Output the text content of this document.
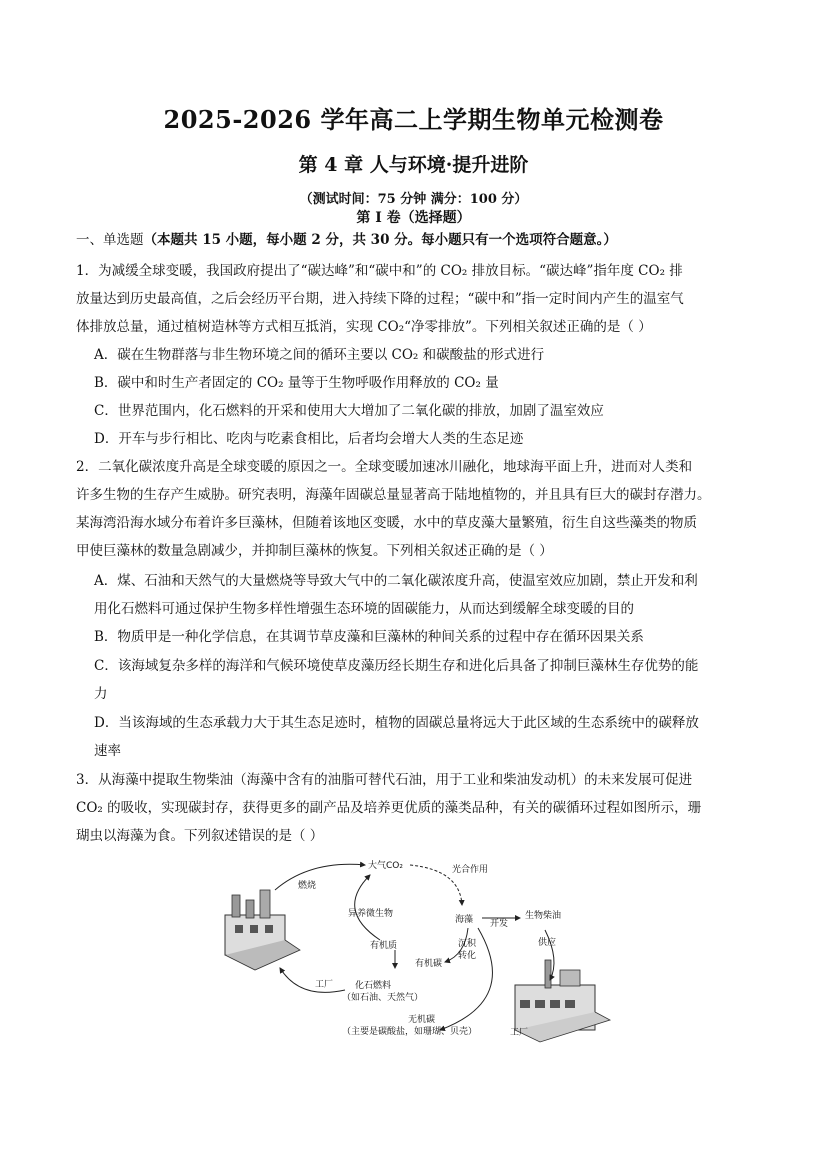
2025-2026 学年高二上学期生物单元检测卷
第 4 章 人与环境·提升进阶
（测试时间：75 分钟 满分：100 分）
第 I 卷（选择题）
一、单选题（本题共 15 小题，每小题 2 分，共 30 分。每小题只有一个选项符合题意。）
1．为减缓全球变暖，我国政府提出了“碳达峰”和“碳中和”的 CO₂ 排放目标。“碳达峰”指年度 CO₂ 排
放量达到历史最高值，之后会经历平台期，进入持续下降的过程；“碳中和”指一定时间内产生的温室气
体排放总量，通过植树造林等方式相互抵消，实现 CO₂“净零排放”。下列相关叙述正确的是（ ）
A．碳在生物群落与非生物环境之间的循环主要以 CO₂ 和碳酸盐的形式进行
B．碳中和时生产者固定的 CO₂ 量等于生物呼吸作用释放的 CO₂ 量
C．世界范围内，化石燃料的开采和使用大大增加了二氧化碳的排放，加剧了温室效应
D．开车与步行相比、吃肉与吃素食相比，后者均会增大人类的生态足迹
2．二氧化碳浓度升高是全球变暖的原因之一。全球变暖加速冰川融化，地球海平面上升，进而对人类和
许多生物的生存产生威胁。研究表明，海藻年固碳总量显著高于陆地植物的，并且具有巨大的碳封存潜力。
某海湾沿海水域分布着许多巨藻林，但随着该地区变暖，水中的草皮藻大量繁殖，衍生自这些藻类的物质
甲使巨藻林的数量急剧减少，并抑制巨藻林的恢复。下列相关叙述正确的是（ ）
A．煤、石油和天然气的大量燃烧等导致大气中的二氧化碳浓度升高，使温室效应加剧，禁止开发和利
用化石燃料可通过保护生物多样性增强生态环境的固碳能力，从而达到缓解全球变暖的目的
B．物质甲是一种化学信息，在其调节草皮藻和巨藻林的种间关系的过程中存在循环因果关系
C．该海域复杂多样的海洋和气候环境使草皮藻历经长期生存和进化后具备了抑制巨藻林生存优势的能
力
D．当该海域的生态承载力大于其生态足迹时，植物的固碳总量将远大于此区域的生态系统中的碳释放
速率
3．从海藻中提取生物柴油（海藻中含有的油脂可替代石油，用于工业和柴油发动机）的未来发展可促进
CO₂ 的吸收，实现碳封存，获得更多的副产品及培养更优质的藻类品种，有关的碳循环过程如图所示，珊
瑚虫以海藻为食。下列叙述错误的是（ ）
大气CO₂
燃烧
光合作用
异养微生物
海藻 开发
生物柴油
有机质	沉积
转化
供应
有机碳
工厂 化石燃料
（如石油、天然气）
无机碳
（主要是碳酸盐，如珊瑚、贝壳）	工厂
